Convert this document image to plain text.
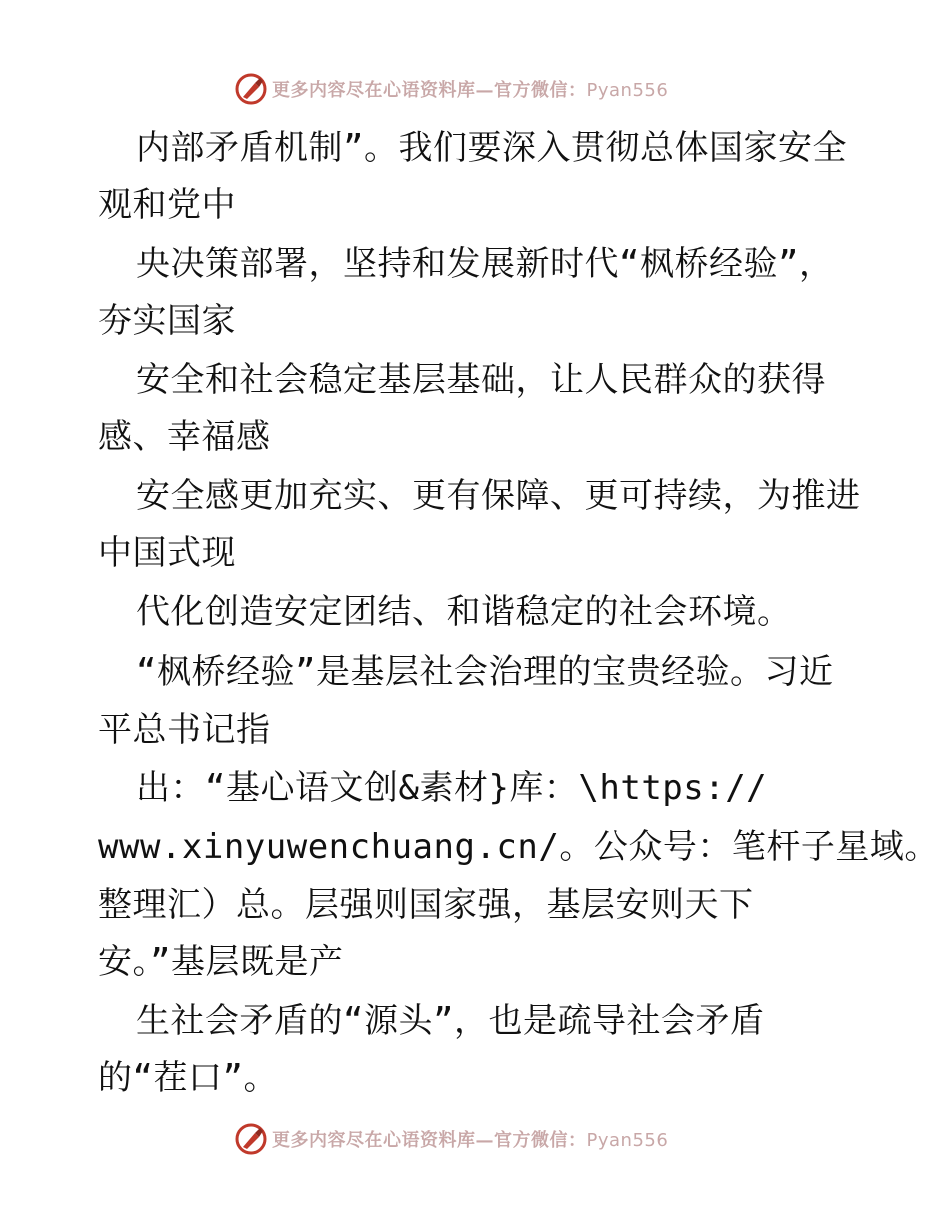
更多内容尽在心语资料库—官方微信：Pyan556
内部矛盾机制”。我们要深入贯彻总体国家安全
观和党中
央决策部署，坚持和发展新时代“枫桥经验”，
夯实国家
安全和社会稳定基层基础，让人民群众的获得
感、幸福感
安全感更加充实、更有保障、更可持续，为推进
中国式现
代化创造安定团结、和谐稳定的社会环境。
“枫桥经验”是基层社会治理的宝贵经验。习近
平总书记指
出：“基心语文创&素材}库：\https://
www.xinyuwenchuang.cn/。公众号：笔杆子星域。
整理汇）总。层强则国家强，基层安则天下
安。”基层既是产
生社会矛盾的“源头”，也是疏导社会矛盾
的“茬口”。
更多内容尽在心语资料库—官方微信：Pyan556
